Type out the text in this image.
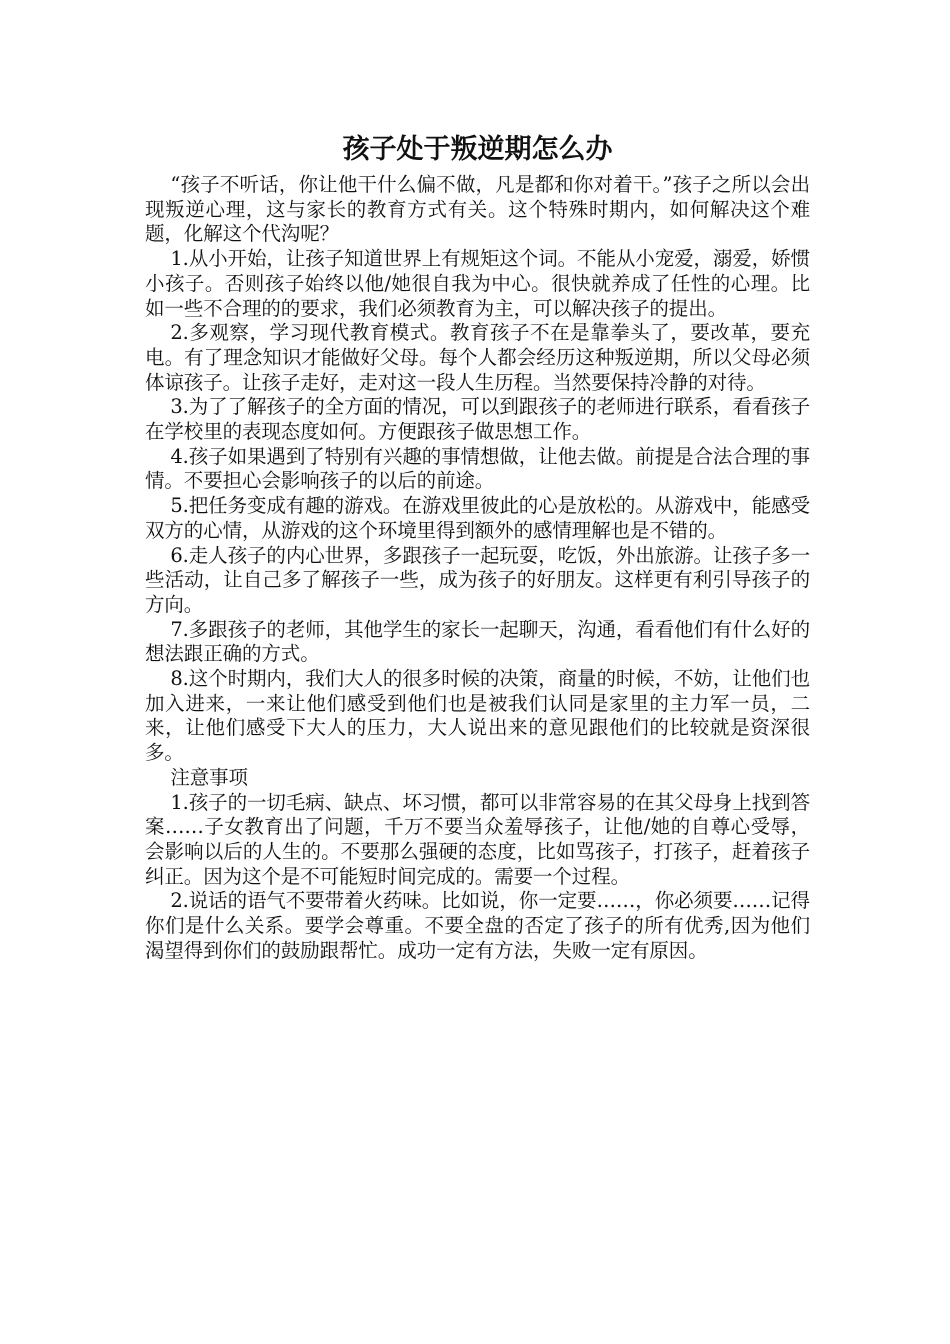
孩子处于叛逆期怎么办

“孩子不听话，你让他干什么偏不做，凡是都和你对着干。”孩子之所以会出现叛逆心理，这与家长的教育方式有关。这个特殊时期内，如何解决这个难题，化解这个代沟呢？

1.从小开始，让孩子知道世界上有规矩这个词。不能从小宠爱，溺爱，娇惯小孩子。否则孩子始终以他/她很自我为中心。很快就养成了任性的心理。比如一些不合理的的要求，我们必须教育为主，可以解决孩子的提出。

2.多观察，学习现代教育模式。教育孩子不在是靠拳头了，要改革，要充电。有了理念知识才能做好父母。每个人都会经历这种叛逆期，所以父母必须体谅孩子。让孩子走好，走对这一段人生历程。当然要保持冷静的对待。

3.为了了解孩子的全方面的情况，可以到跟孩子的老师进行联系，看看孩子在学校里的表现态度如何。方便跟孩子做思想工作。

4.孩子如果遇到了特别有兴趣的事情想做，让他去做。前提是合法合理的事情。不要担心会影响孩子的以后的前途。

5.把任务变成有趣的游戏。在游戏里彼此的心是放松的。从游戏中，能感受双方的心情，从游戏的这个环境里得到额外的感情理解也是不错的。

6.走人孩子的内心世界，多跟孩子一起玩耍，吃饭，外出旅游。让孩子多一些活动，让自己多了解孩子一些，成为孩子的好朋友。这样更有利引导孩子的方向。

7.多跟孩子的老师，其他学生的家长一起聊天，沟通，看看他们有什么好的想法跟正确的方式。

8.这个时期内，我们大人的很多时候的决策，商量的时候，不妨，让他们也加入进来，一来让他们感受到他们也是被我们认同是家里的主力军一员，二来，让他们感受下大人的压力，大人说出来的意见跟他们的比较就是资深很多。

注意事项

1.孩子的一切毛病、缺点、坏习惯，都可以非常容易的在其父母身上找到答案……子女教育出了问题，千万不要当众羞辱孩子，让他/她的自尊心受辱，会影响以后的人生的。不要那么强硬的态度，比如骂孩子，打孩子，赶着孩子纠正。因为这个是不可能短时间完成的。需要一个过程。

2.说话的语气不要带着火药味。比如说，你一定要……，你必须要……记得你们是什么关系。要学会尊重。不要全盘的否定了孩子的所有优秀,因为他们渴望得到你们的鼓励跟帮忙。成功一定有方法，失败一定有原因。
